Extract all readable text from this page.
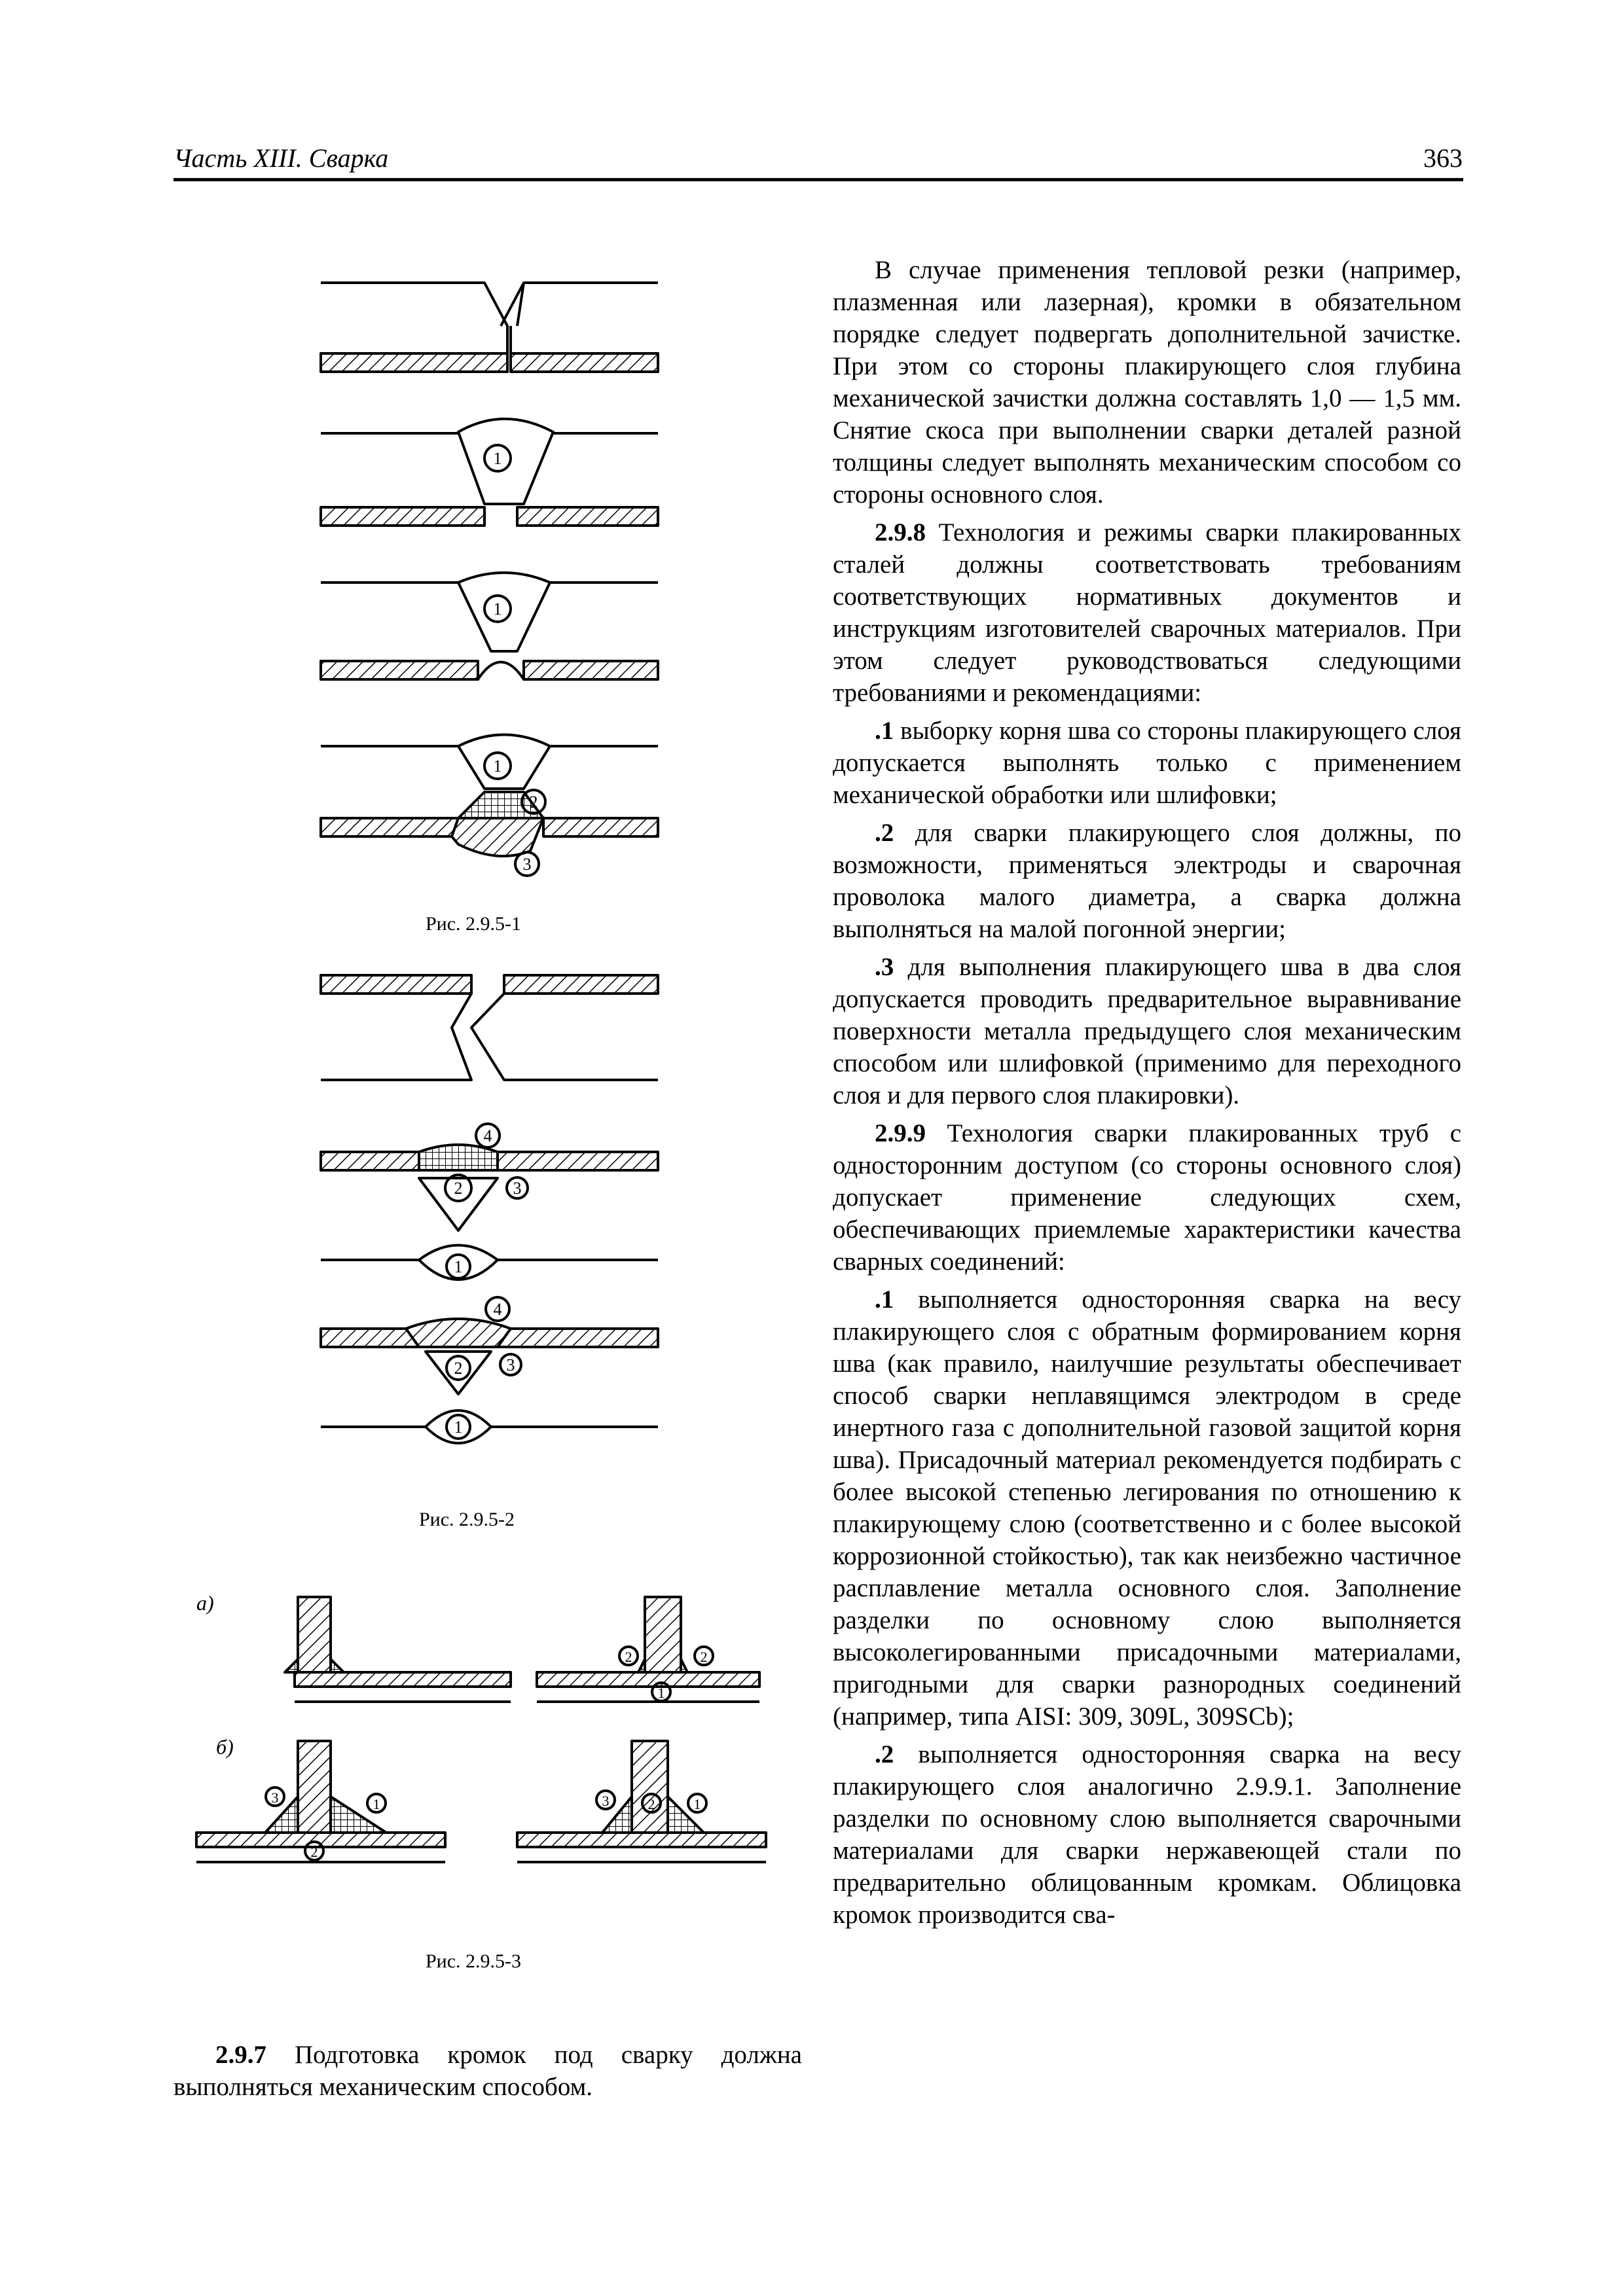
Часть XIII. Сварка	363
1
1
1
2
3
2
1
3
4
2
1
3
4
1
2	2
3	1
2
3	2	1
а)
б)
Рис. 2.9.5-1
Рис. 2.9.5-2
Рис. 2.9.5-3

В случае применения тепловой резки (например, плазменная или лазерная), кромки в обязательном порядке следует подвергать дополнительной зачистке. При этом со стороны плакирующего слоя глубина механической зачистки должна составлять 1,0 — 1,5 мм. Снятие скоса при выполнении сварки деталей разной толщины следует выполнять механическим способом со стороны основного слоя.

2.9.8 Технология и режимы сварки плакированных сталей должны соответствовать требованиям соответствующих нормативных документов и инструкциям изготовителей сварочных материалов. При этом следует руководствоваться следующими требованиями и рекомендациями:

.1 выборку корня шва со стороны плакирующего слоя допускается выполнять только с применением механической обработки или шлифовки;

.2 для сварки плакирующего слоя должны, по возможности, применяться электроды и сварочная проволока малого диаметра, а сварка должна выполняться на малой погонной энергии;

.3 для выполнения плакирующего шва в два слоя допускается проводить предварительное выравнивание поверхности металла предыдущего слоя механическим способом или шлифовкой (применимо для переходного слоя и для первого слоя плакировки).

2.9.9 Технология сварки плакированных труб с односторонним доступом (со стороны основного слоя) допускает применение следующих схем, обеспечивающих приемлемые характеристики качества сварных соединений:

.1 выполняется односторонняя сварка на весу плакирующего слоя с обратным формированием корня шва (как правило, наилучшие результаты обеспечивает способ сварки неплавящимся электродом в среде инертного газа с дополнительной газовой защитой корня шва). Присадочный материал рекомендуется подбирать с более высокой степенью легирования по отношению к плакирующему слою (соответственно и с более высокой коррозионной стойкостью), так как неизбежно частичное расплавление металла основного слоя. Заполнение разделки по основному слою выполняется высоколегированными присадочными материалами, пригодными для сварки разнородных соединений (например, типа AISI: 309, 309L, 309SCb);

.2 выполняется односторонняя сварка на весу плакирующего слоя аналогично 2.9.9.1. Заполнение разделки по основному слою выполняется сварочными материалами для сварки нержавеющей стали по предварительно облицованным кромкам. Облицовка кромок производится сва-

2.9.7 Подготовка кромок под сварку должна выполняться механическим способом.
